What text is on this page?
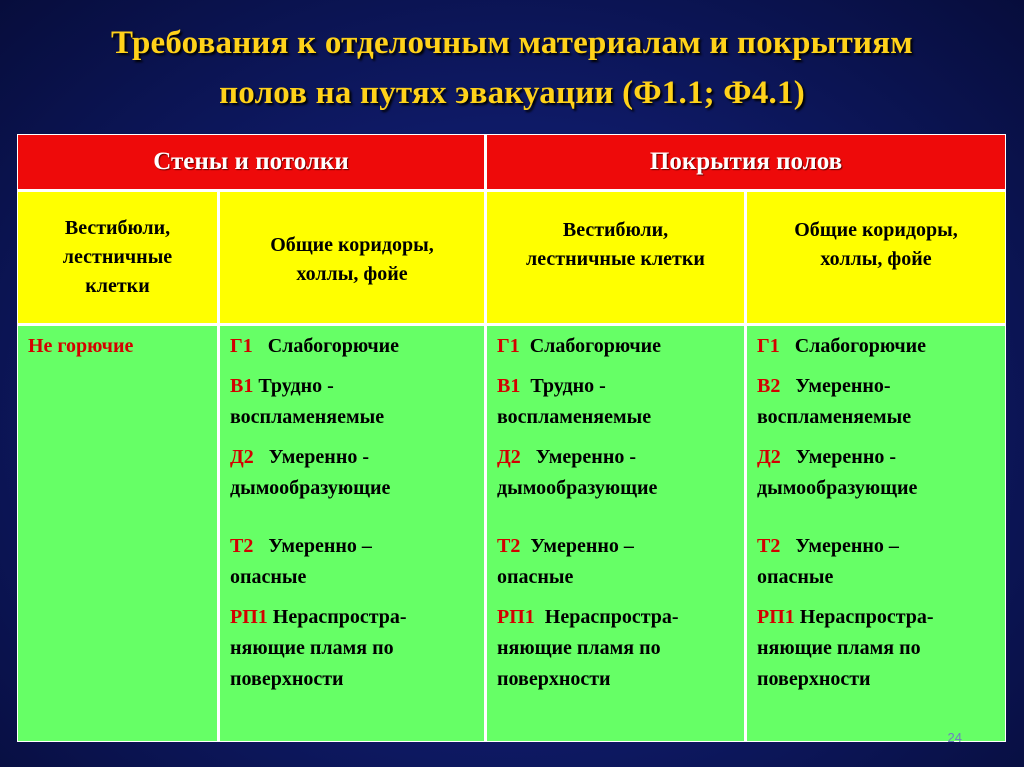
Требования к отделочным материалам и покрытиям
полов на путях эвакуации (Ф1.1; Ф4.1)
Стены и потолки	Покрытия полов
Вестибюли,
лестничные
клетки
Общие коридоры,
холлы, фойе
Вестибюли,
лестничные клетки
Общие коридоры,
холлы, фойе
Не горючие	Г1 Слабогорючие
В1 Трудно -
воспламеняемые
Д2 Умеренно -
дымообразующие
Т2 Умеренно –
опасные
РП1 Нераспростра-
няющие пламя по
поверхности
Г1 Слабогорючие
В1 Трудно -
воспламеняемые
Д2 Умеренно -
дымообразующие
Т2 Умеренно –
опасные
РП1 Нераспростра-
няющие пламя по
поверхности
Г1 Слабогорючие
В2 Умеренно-
воспламеняемые
Д2 Умеренно -
дымообразующие
Т2 Умеренно –
опасные
РП1 Нераспростра-
няющие пламя по
поверхности
24
